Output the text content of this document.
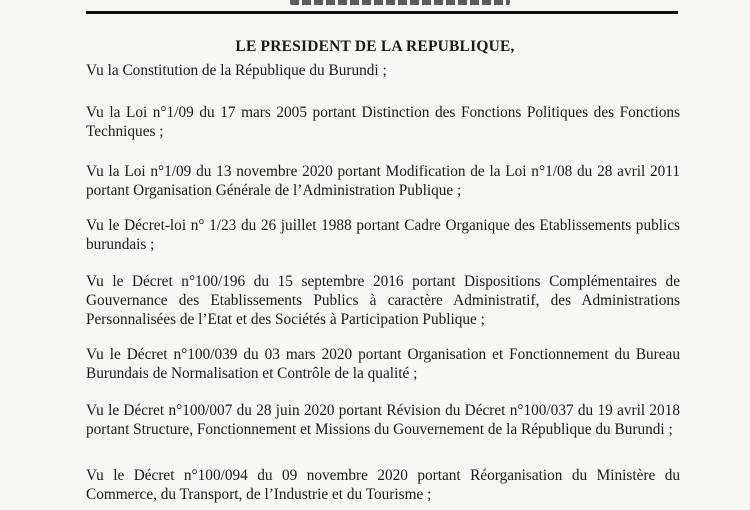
LE PRESIDENT DE LA REPUBLIQUE,

Vu la Constitution de la République du Burundi ;

Vu la Loi n°1/09 du 17 mars 2005 portant Distinction des Fonctions Politiques des Fonctions Techniques ;

Vu la Loi n°1/09 du 13 novembre 2020 portant Modification de la Loi n°1/08 du 28 avril 2011 portant Organisation Générale de l’Administration Publique ;

Vu le Décret-loi n° 1/23 du 26 juillet 1988 portant Cadre Organique des Etablissements publics burundais ;

Vu le Décret n°100/196 du 15 septembre 2016 portant Dispositions Complémentaires de Gouvernance des Etablissements Publics à caractère Administratif, des Administrations Personnalisées de l’Etat et des Sociétés à Participation Publique ;

Vu le Décret n°100/039 du 03 mars 2020 portant Organisation et Fonctionnement du Bureau Burundais de Normalisation et Contrôle de la qualité ;

Vu le Décret n°100/007 du 28 juin 2020 portant Révision du Décret n°100/037 du 19 avril 2018 portant Structure, Fonctionnement et Missions du Gouvernement de la République du Burundi ;

Vu le Décret n°100/094 du 09 novembre 2020 portant Réorganisation du Ministère du Commerce, du Transport, de l’Industrie et du Tourisme ;
